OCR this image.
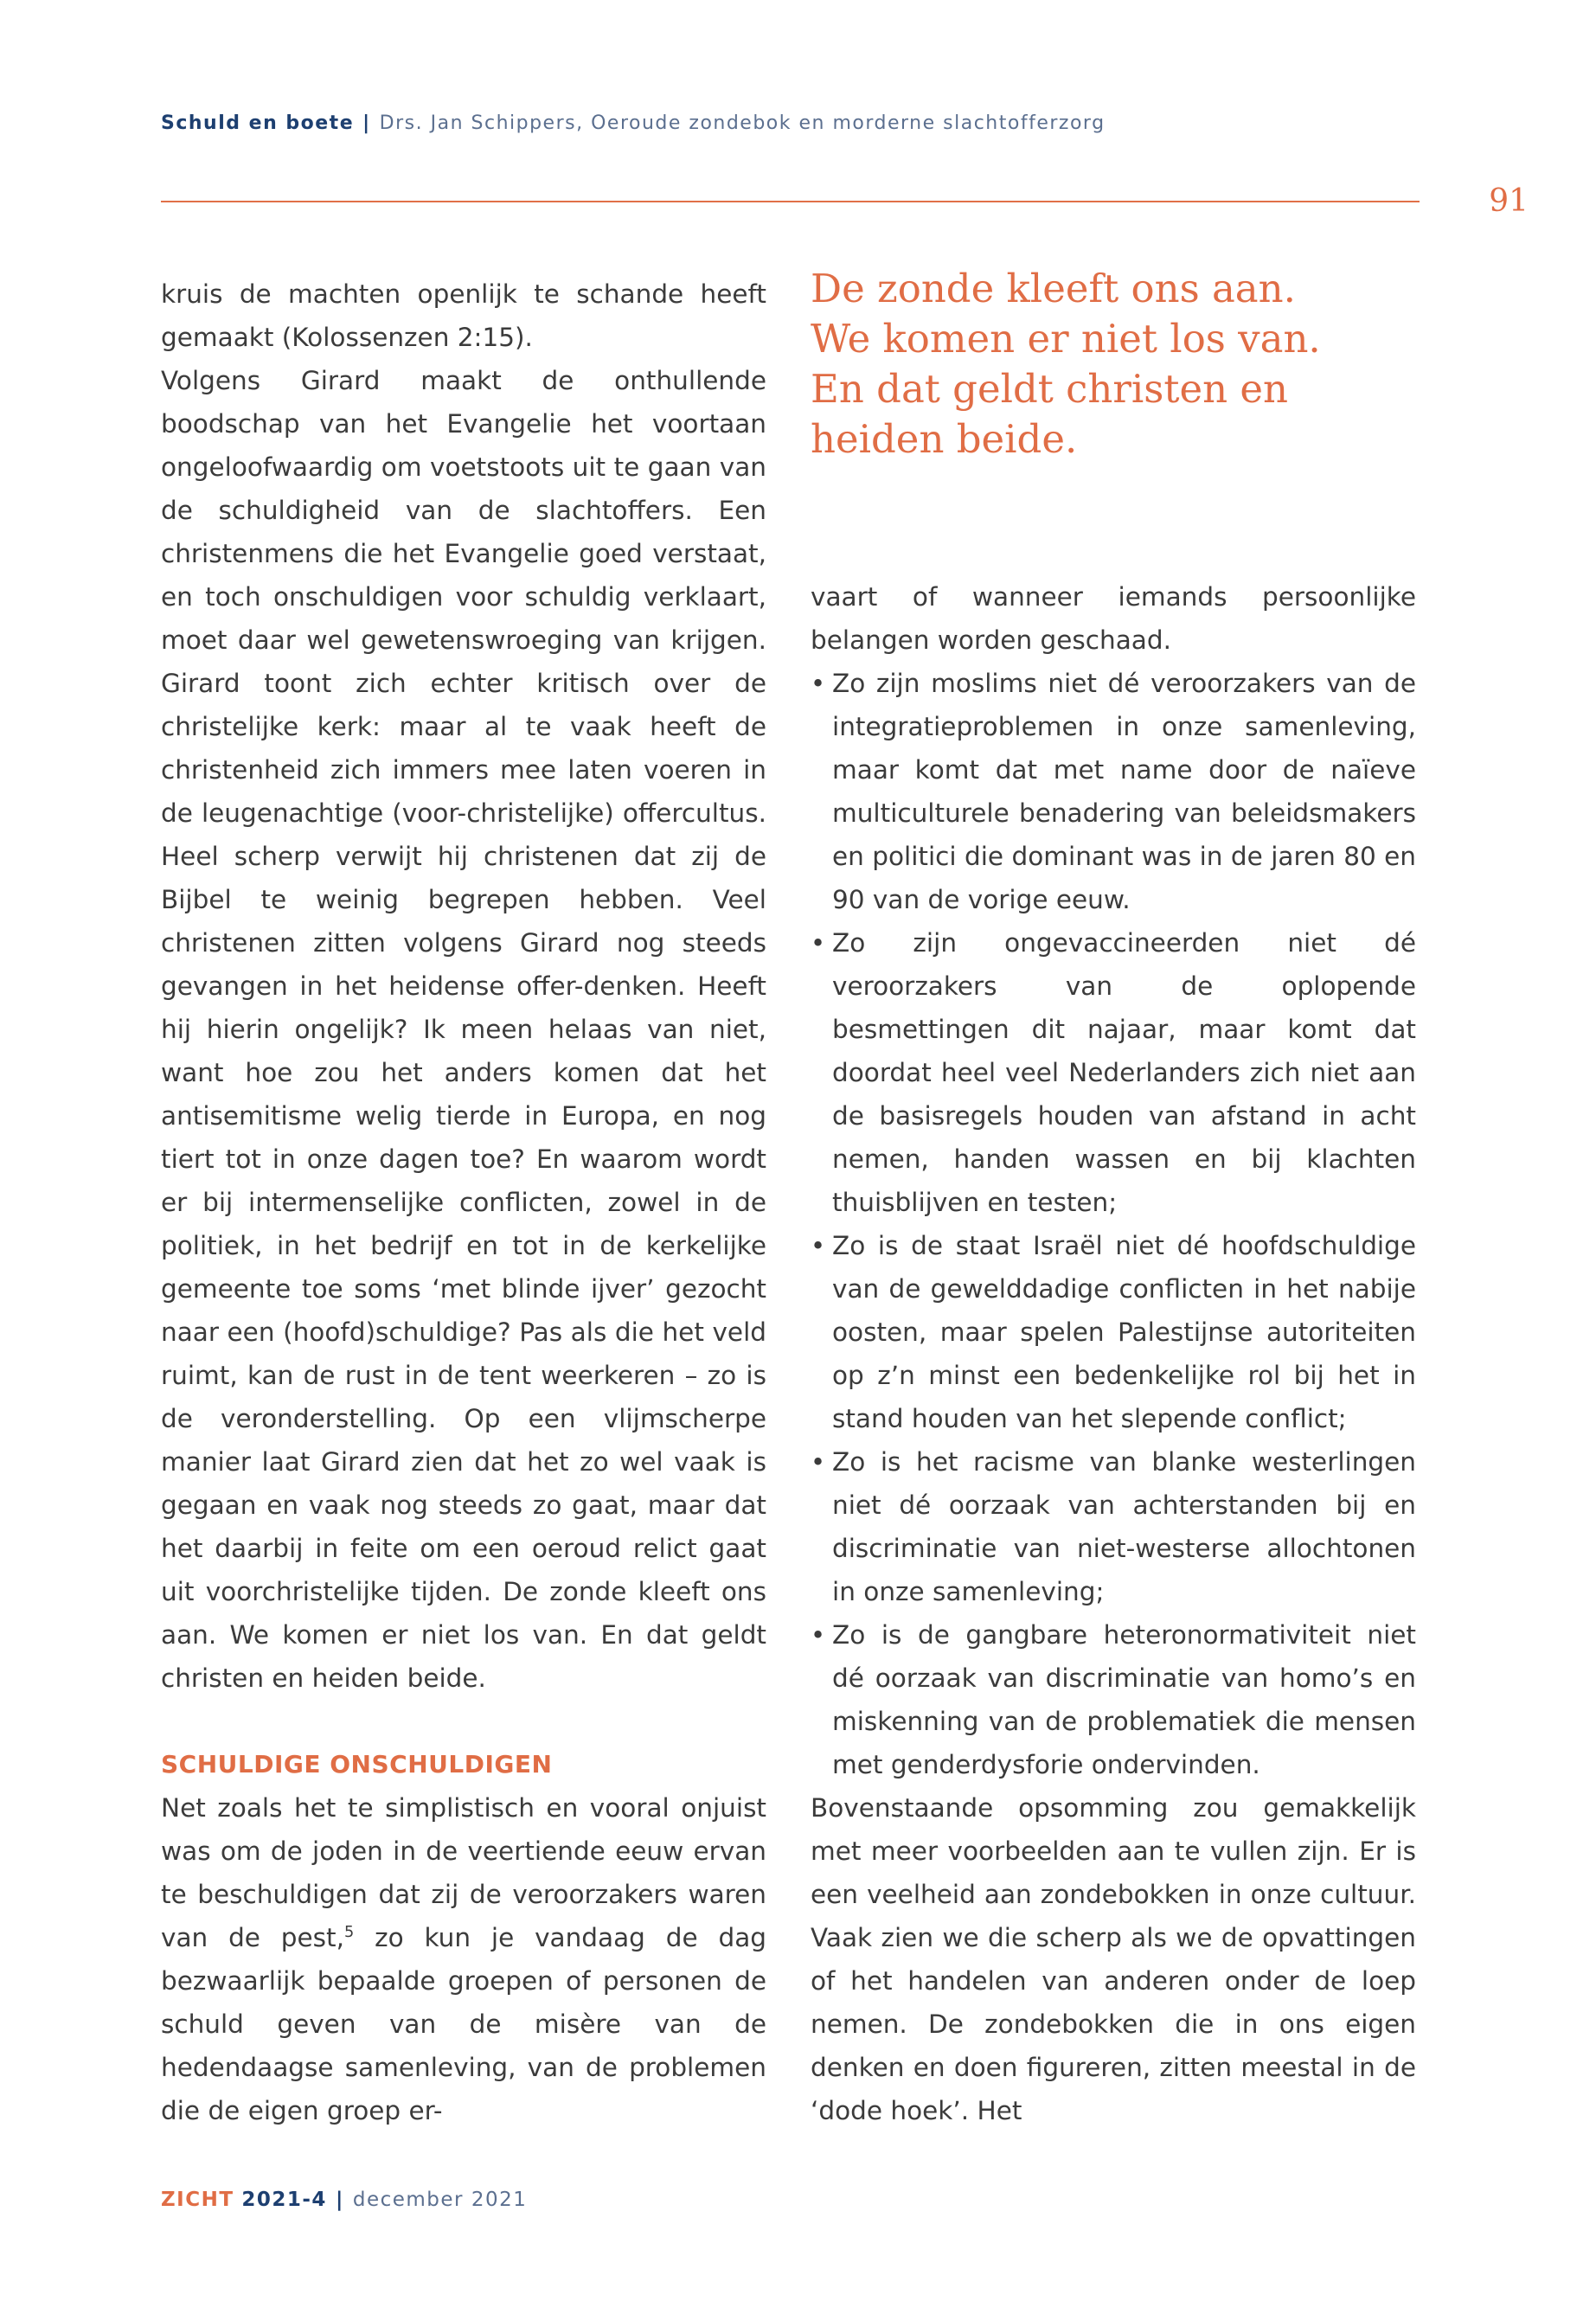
Schuld en boete | Drs. Jan Schippers, Oeroude zondebok en morderne slachtofferzorg
91

kruis de machten openlijk te schande heeft gemaakt (Kolossenzen 2:15).

Volgens Girard maakt de onthullende boodschap van het Evangelie het voortaan ongeloofwaardig om voetstoots uit te gaan van de schuldigheid van de slachtoffers. Een christenmens die het Evangelie goed verstaat, en toch onschuldigen voor schuldig verklaart, moet daar wel gewetenswroeging van krijgen. Girard toont zich echter kritisch over de christelijke kerk: maar al te vaak heeft de christenheid zich immers mee laten voeren in de leugenachtige (voor-christelijke) offercultus. Heel scherp verwijt hij christenen dat zij de Bijbel te weinig begrepen hebben. Veel christenen zitten volgens Girard nog steeds gevangen in het heidense offer-denken. Heeft hij hierin ongelijk? Ik meen helaas van niet, want hoe zou het anders komen dat het antisemitisme welig tierde in Europa, en nog tiert tot in onze dagen toe? En waarom wordt er bij intermenselijke conflicten, zowel in de politiek, in het bedrijf en tot in de kerkelijke gemeente toe soms ‘met blinde ijver’ gezocht naar een (hoofd)schuldige? Pas als die het veld ruimt, kan de rust in de tent weerkeren – zo is de veronderstelling. Op een vlijmscherpe manier laat Girard zien dat het zo wel vaak is gegaan en vaak nog steeds zo gaat, maar dat het daarbij in feite om een oeroud relict gaat uit voorchristelijke tijden. De zonde kleeft ons aan. We komen er niet los van. En dat geldt christen en heiden beide.

SCHULDIGE ONSCHULDIGEN

Net zoals het te simplistisch en vooral onjuist was om de joden in de veertiende eeuw ervan te beschuldigen dat zij de veroorzakers waren van de pest,$^5$ zo kun je vandaag de dag bezwaarlijk bepaalde groepen of personen de schuld geven van de misère van de hedendaagse samenleving, van de problemen die de eigen groep er-

De zonde kleeft ons aan.
We komen er niet los van.
En dat geldt christen en
heiden beide.

vaart of wanneer iemands persoonlijke belangen worden geschaad.

• Zo zijn moslims niet dé veroorzakers van de integratieproblemen in onze samenleving, maar komt dat met name door de naïeve multiculturele benadering van beleidsmakers en politici die dominant was in de jaren 80 en 90 van de vorige eeuw.
• Zo zijn ongevaccineerden niet dé veroorzakers van de oplopende besmettingen dit najaar, maar komt dat doordat heel veel Nederlanders zich niet aan de basisregels houden van afstand in acht nemen, handen wassen en bij klachten thuisblijven en testen;
• Zo is de staat Israël niet dé hoofdschuldige van de gewelddadige conflicten in het nabije oosten, maar spelen Palestijnse autoriteiten op z’n minst een bedenkelijke rol bij het in stand houden van het slepende conflict;
• Zo is het racisme van blanke westerlingen niet dé oorzaak van achterstanden bij en discriminatie van niet-westerse allochtonen in onze samenleving;
• Zo is de gangbare heteronormativiteit niet dé oorzaak van discriminatie van homo’s en miskenning van de problematiek die mensen met genderdysforie ondervinden.

Bovenstaande opsomming zou gemakkelijk met meer voorbeelden aan te vullen zijn. Er is een veelheid aan zondebokken in onze cultuur. Vaak zien we die scherp als we de opvattingen of het handelen van anderen onder de loep nemen. De zondebokken die in ons eigen denken en doen figureren, zitten meestal in de ‘dode hoek’. Het

ZICHT 2021-4 | december 2021
